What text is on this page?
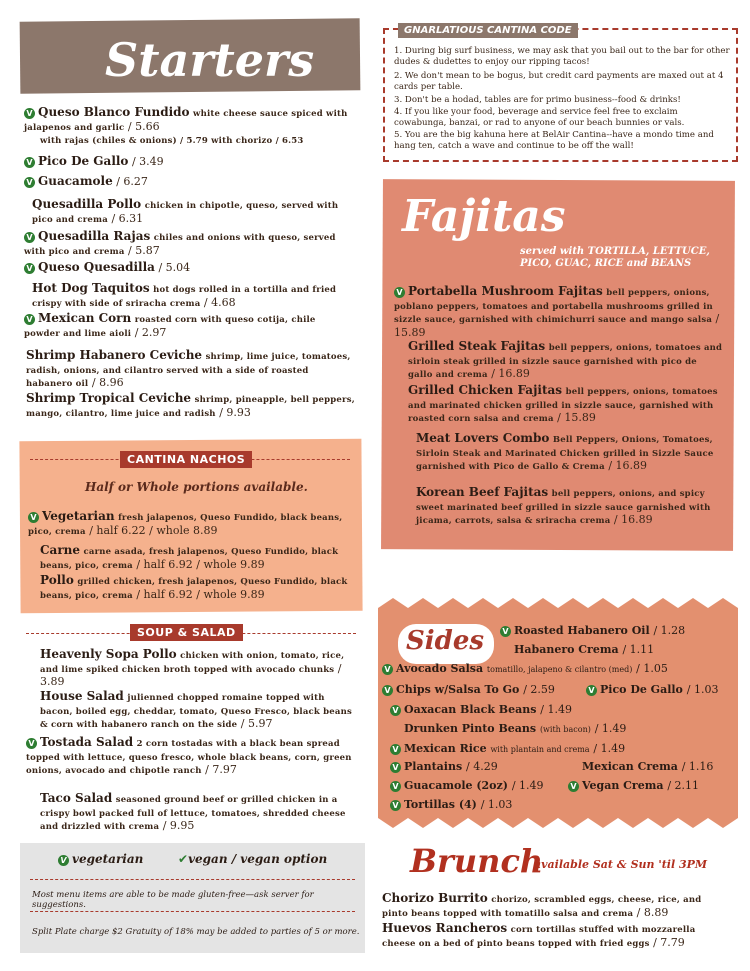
Starters
V Queso Blanco Fundido white cheese sauce spiced with jalapenos and garlic / 5.66
with rajas (chiles & onions) / 5.79 with chorizo / 6.53
V Pico De Gallo / 3.49
V Guacamole / 6.27
Quesadilla Pollo chicken in chipotle, queso, served with pico and crema / 6.31
V Quesadilla Rajas chiles and onions with queso, served with pico and crema / 5.87
V Queso Quesadilla / 5.04
Hot Dog Taquitos hot dogs rolled in a tortilla and fried crispy with side of sriracha crema / 4.68
V Mexican Corn roasted corn with queso cotija, chile powder and lime aioli / 2.97
Shrimp Habanero Ceviche shrimp, lime juice, tomatoes, radish, onions, and cilantro served with a side of roasted habanero oil / 8.96
Shrimp Tropical Ceviche shrimp, pineapple, bell peppers, mango, cilantro, lime juice and radish / 9.93
CANTINA NACHOS
Half or Whole portions available.
V Vegetarian fresh jalapenos, Queso Fundido, black beans, pico, crema / half 6.22 / whole 8.89
Carne carne asada, fresh jalapenos, Queso Fundido, black beans, pico, crema / half 6.92 / whole 9.89
Pollo grilled chicken, fresh jalapenos, Queso Fundido, black beans, pico, crema / half 6.92 / whole 9.89
SOUP & SALAD
Heavenly Sopa Pollo chicken with onion, tomato, rice, and lime spiked chicken broth topped with avocado chunks / 3.89
House Salad julienned chopped romaine topped with bacon, boiled egg, cheddar, tomato, Queso Fresco, black beans & corn with habanero ranch on the side / 5.97
V Tostada Salad 2 corn tostadas with a black bean spread topped with lettuce, queso fresco, whole black beans, corn, green onions, avocado and chipotle ranch / 7.97
Taco Salad seasoned ground beef or grilled chicken in a crispy bowl packed full of lettuce, tomatoes, shredded cheese and drizzled with crema / 9.95
V vegetarian	✔vegan / vegan option
Most menu items are able to be made gluten-free—ask server for suggestions.
Split Plate charge $2 Gratuity of 18% may be added to parties of 5 or more.
GNARLATIOUS CANTINA CODE
1. During big surf business, we may ask that you bail out to the bar for other dudes & dudettes to enjoy our ripping tacos!
2. We don't mean to be bogus, but credit card payments are maxed out at 4 cards per table.
3. Don't be a hodad, tables are for primo business--food & drinks!
4. If you like your food, beverage and service feel free to exclaim cowabunga, banzai, or rad to anyone of our beach bunnies or vals.
5. You are the big kahuna here at BelAir Cantina--have a mondo time and hang ten, catch a wave and continue to be off the wall!
Fajitas
served with TORTILLA, LETTUCE, PICO, GUAC, RICE and BEANS
V Portabella Mushroom Fajitas bell peppers, onions, poblano peppers, tomatoes and portabella mushrooms grilled in sizzle sauce, garnished with chimichurri sauce and mango salsa / 15.89
Grilled Steak Fajitas bell peppers, onions, tomatoes and sirloin steak grilled in sizzle sauce garnished with pico de gallo and crema / 16.89
Grilled Chicken Fajitas bell peppers, onions, tomatoes and marinated chicken grilled in sizzle sauce, garnished with roasted corn salsa and crema / 15.89
Meat Lovers Combo Bell Peppers, Onions, Tomatoes, Sirloin Steak and Marinated Chicken grilled in Sizzle Sauce garnished with Pico de Gallo & Crema / 16.89
Korean Beef Fajitas bell peppers, onions, and spicy sweet marinated beef grilled in sizzle sauce garnished with jicama, carrots, salsa & sriracha crema / 16.89
Sides V Roasted Habanero Oil / 1.28
Habanero Crema / 1.11
V Avocado Salsa tomatillo, jalapeno & cilantro (med) / 1.05
V Chips w/Salsa To Go / 2.59	V Pico De Gallo / 1.03
V Oaxacan Black Beans / 1.49
Drunken Pinto Beans (with bacon) / 1.49
V Mexican Rice with plantain and crema / 1.49
V Plantains / 4.29	Mexican Crema / 1.16
V Guacamole (2oz) / 1.49	V Vegan Crema / 2.11
V Tortillas (4) / 1.03
Brunch
available Sat & Sun 'til 3PM
Chorizo Burrito chorizo, scrambled eggs, cheese, rice, and pinto beans topped with tomatillo salsa and crema / 8.89
Huevos Rancheros corn tortillas stuffed with mozzarella cheese on a bed of pinto beans topped with fried eggs / 7.79
